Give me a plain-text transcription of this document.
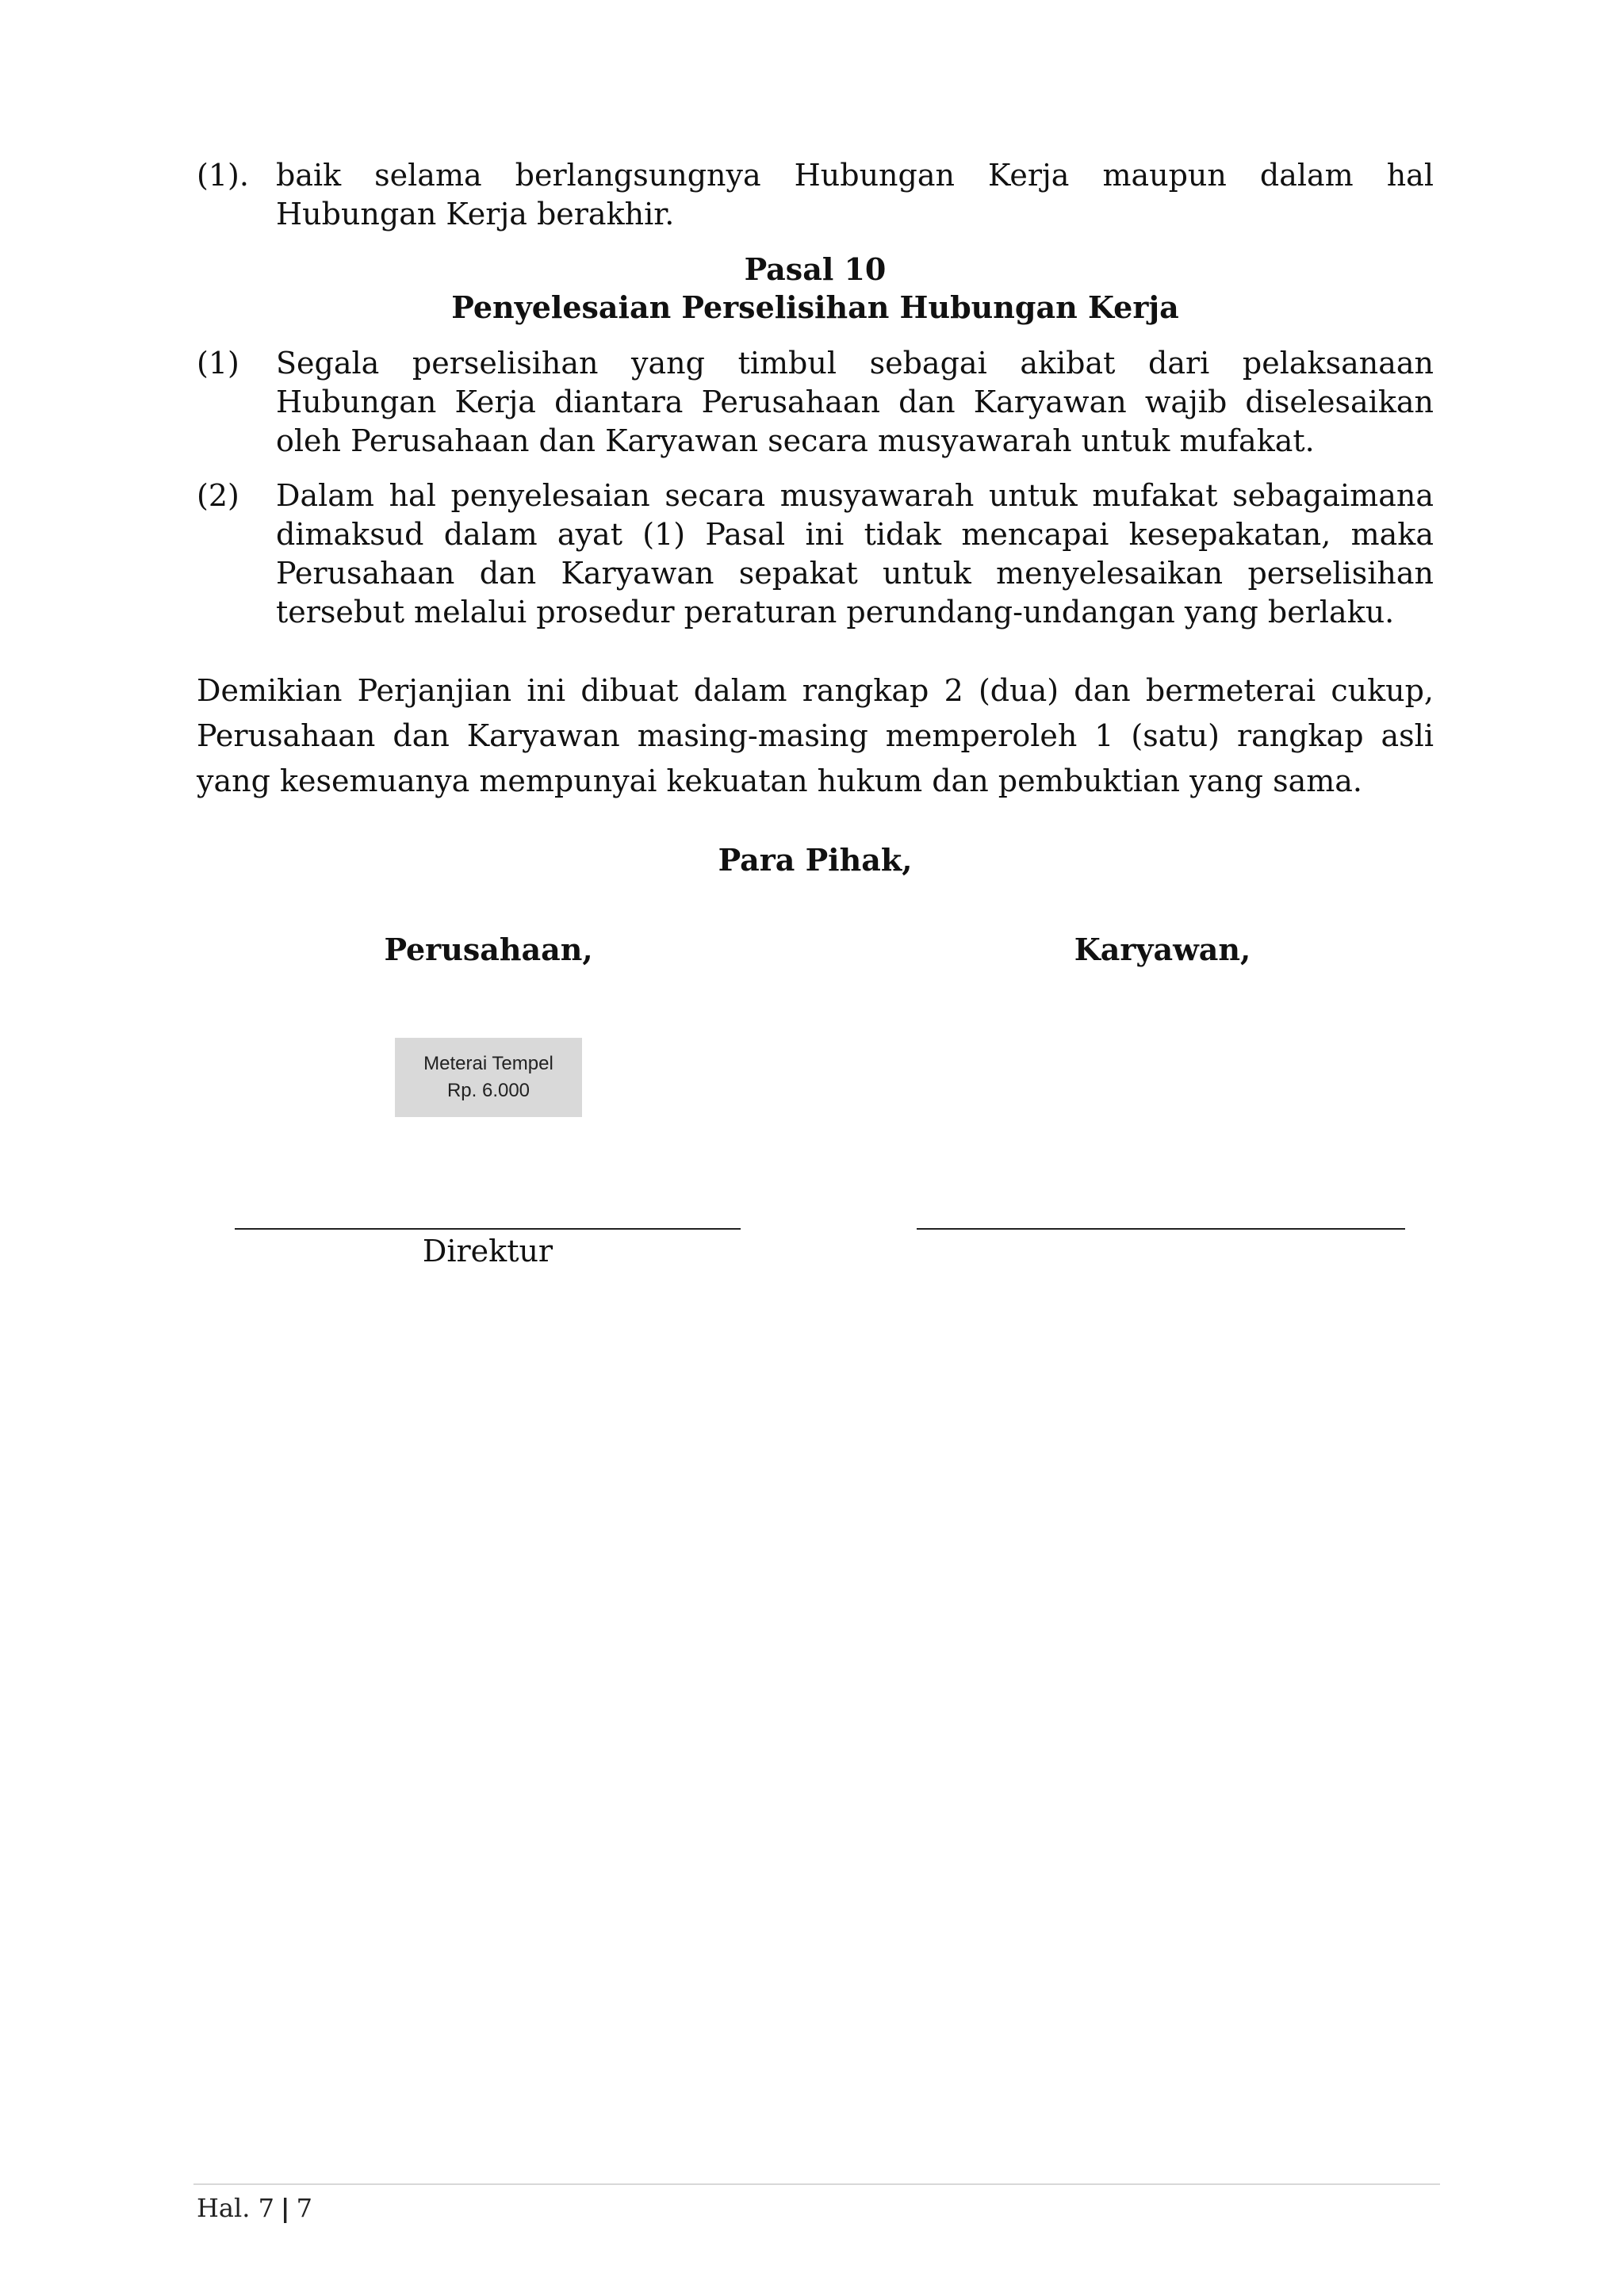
(1). baik selama berlangsungnya Hubungan Kerja maupun dalam hal Hubungan Kerja berakhir.
Pasal 10
Penyelesaian Perselisihan Hubungan Kerja
(1)	Segala perselisihan yang timbul sebagai akibat dari pelaksanaan Hubungan Kerja diantara Perusahaan dan Karyawan wajib diselesaikan oleh Perusahaan dan Karyawan secara musyawarah untuk mufakat.
(2)	Dalam hal penyelesaian secara musyawarah untuk mufakat sebagaimana dimaksud dalam ayat (1) Pasal ini tidak mencapai kesepakatan, maka Perusahaan dan Karyawan sepakat untuk menyelesaikan perselisihan tersebut melalui prosedur peraturan perundang-undangan yang berlaku.
Demikian Perjanjian ini dibuat dalam rangkap 2 (dua) dan bermeterai cukup, Perusahaan dan Karyawan masing-masing memperoleh 1 (satu) rangkap asli yang kesemuanya mempunyai kekuatan hukum dan pembuktian yang sama.
Para Pihak,
Perusahaan,	Karyawan,
Meterai Tempel
Rp. 6.000
Direktur
Hal. 7 | 7
